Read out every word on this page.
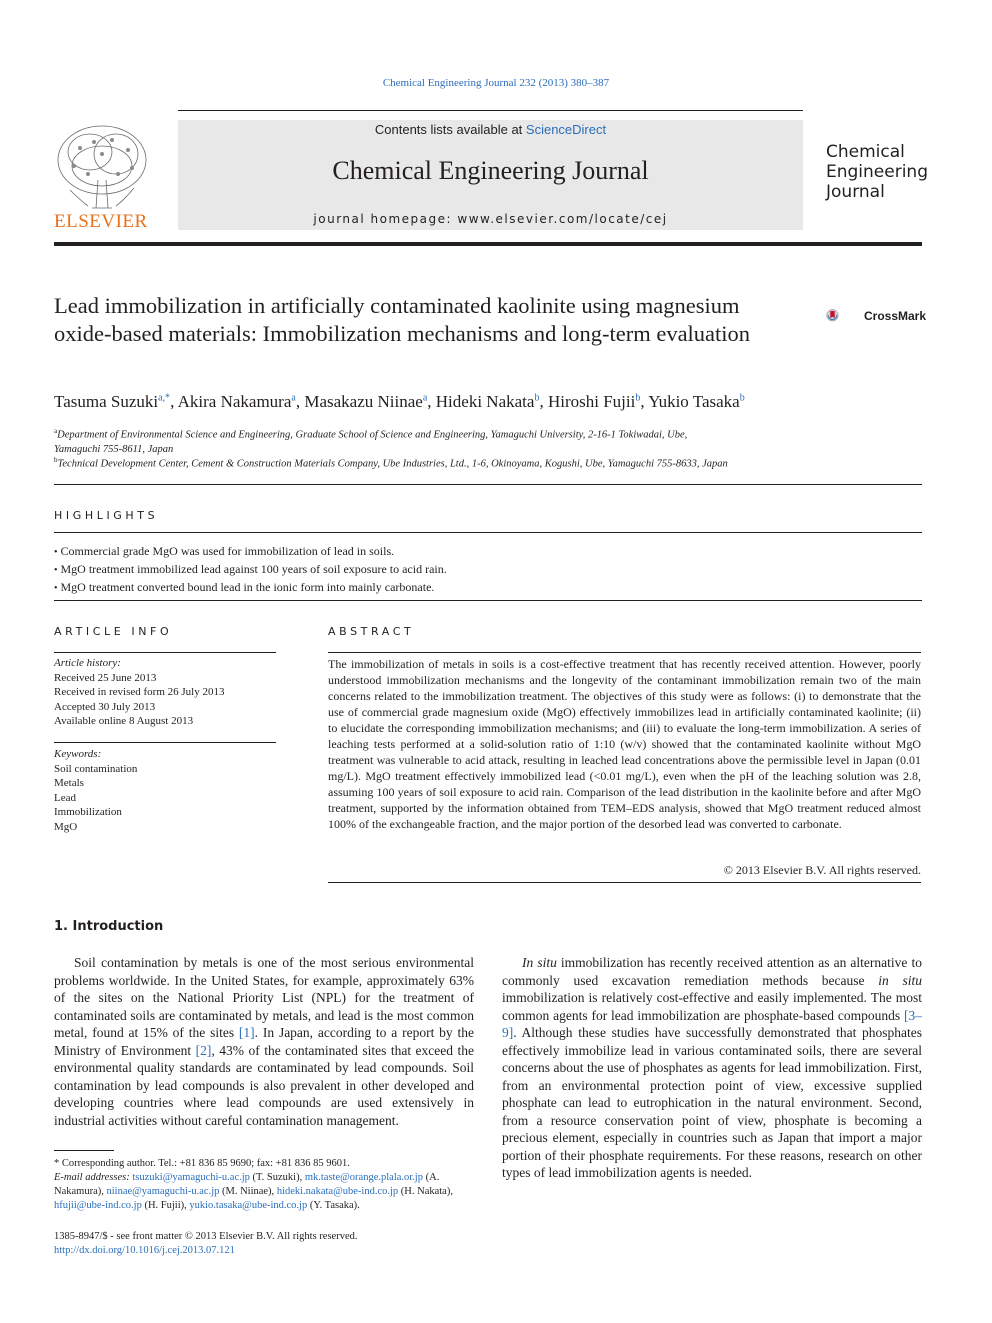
Chemical Engineering Journal 232 (2013) 380–387
ELSEVIER
Contents lists available at ScienceDirect
Chemical Engineering Journal
journal homepage: www.elsevier.com/locate/cej
Chemical
Engineering
Journal
Lead immobilization in artificially contaminated kaolinite using magnesium oxide-based materials: Immobilization mechanisms and long-term evaluation
CrossMark
Tasuma Suzuki$^{a,*}$, Akira Nakamura$^a$, Masakazu Niinae$^a$, Hideki Nakata$^b$, Hiroshi Fujii$^b$, Yukio Tasaka$^b$
$^a$Department of Environmental Science and Engineering, Graduate School of Science and Engineering, Yamaguchi University, 2-16-1 Tokiwadai, Ube,
Yamaguchi 755-8611, Japan
$^b$Technical Development Center, Cement & Construction Materials Company, Ube Industries, Ltd., 1-6, Okinoyama, Kogushi, Ube, Yamaguchi 755-8633, Japan
HIGHLIGHTS
• Commercial grade MgO was used for immobilization of lead in soils.
• MgO treatment immobilized lead against 100 years of soil exposure to acid rain.
• MgO treatment converted bound lead in the ionic form into mainly carbonate.
ARTICLE INFO
Article history:
Received 25 June 2013
Received in revised form 26 July 2013
Accepted 30 July 2013
Available online 8 August 2013
Keywords:
Soil contamination
Metals
Lead
Immobilization
MgO
ABSTRACT
The immobilization of metals in soils is a cost-effective treatment that has recently received attention. However, poorly understood immobilization mechanisms and the longevity of the contaminant immobilization remain two of the main concerns related to the immobilization treatment. The objectives of this study were as follows: (i) to demonstrate that the use of commercial grade magnesium oxide (MgO) effectively immobilizes lead in artificially contaminated kaolinite; (ii) to elucidate the corresponding immobilization mechanisms; and (iii) to evaluate the long-term immobilization. A series of leaching tests performed at a solid-solution ratio of 1:10 (w/v) showed that the contaminated kaolinite without MgO treatment was vulnerable to acid attack, resulting in leached lead concentrations above the permissible level in Japan (0.01 mg/L). MgO treatment effectively immobilized lead (<0.01 mg/L), even when the pH of the leaching solution was 2.8, assuming 100 years of soil exposure to acid rain. Comparison of the lead distribution in the kaolinite before and after MgO treatment, supported by the information obtained from TEM–EDS analysis, showed that MgO treatment reduced almost 100% of the exchangeable fraction, and the major portion of the desorbed lead was converted to carbonate.
© 2013 Elsevier B.V. All rights reserved.
1. Introduction
Soil contamination by metals is one of the most serious environmental problems worldwide. In the United States, for example, approximately 63% of the sites on the National Priority List (NPL) for the treatment of contaminated soils are contaminated by metals, and lead is the most common metal, found at 15% of the sites [1]. In Japan, according to a report by the Ministry of Environment [2], 43% of the contaminated sites that exceed the environmental quality standards are contaminated by lead compounds. Soil contamination by lead compounds is also prevalent in other developed and developing countries where lead compounds are used extensively in industrial activities without careful contamination management.
In situ immobilization has recently received attention as an alternative to commonly used excavation remediation methods because in situ immobilization is relatively cost-effective and easily implemented. The most common agents for lead immobilization are phosphate-based compounds [3–9]. Although these studies have successfully demonstrated that phosphates effectively immobilize lead in various contaminated soils, there are several concerns about the use of phosphates as agents for lead immobilization. First, from an environmental protection point of view, excessive supplied phosphate can lead to eutrophication in the natural environment. Second, from a resource conservation point of view, phosphate is becoming a precious element, especially in countries such as Japan that import a major portion of their phosphate requirements. For these reasons, research on other types of lead immobilization agents is needed.
* Corresponding author. Tel.: +81 836 85 9690; fax: +81 836 85 9601.
E-mail addresses: tsuzuki@yamaguchi-u.ac.jp (T. Suzuki), mk.taste@orange.plala.or.jp (A. Nakamura), niinae@yamaguchi-u.ac.jp (M. Niinae), hideki.nakata@ube-ind.co.jp (H. Nakata), hfujii@ube-ind.co.jp (H. Fujii), yukio.tasaka@ube-ind.co.jp (Y. Tasaka).
1385-8947/$ - see front matter © 2013 Elsevier B.V. All rights reserved.
http://dx.doi.org/10.1016/j.cej.2013.07.121
